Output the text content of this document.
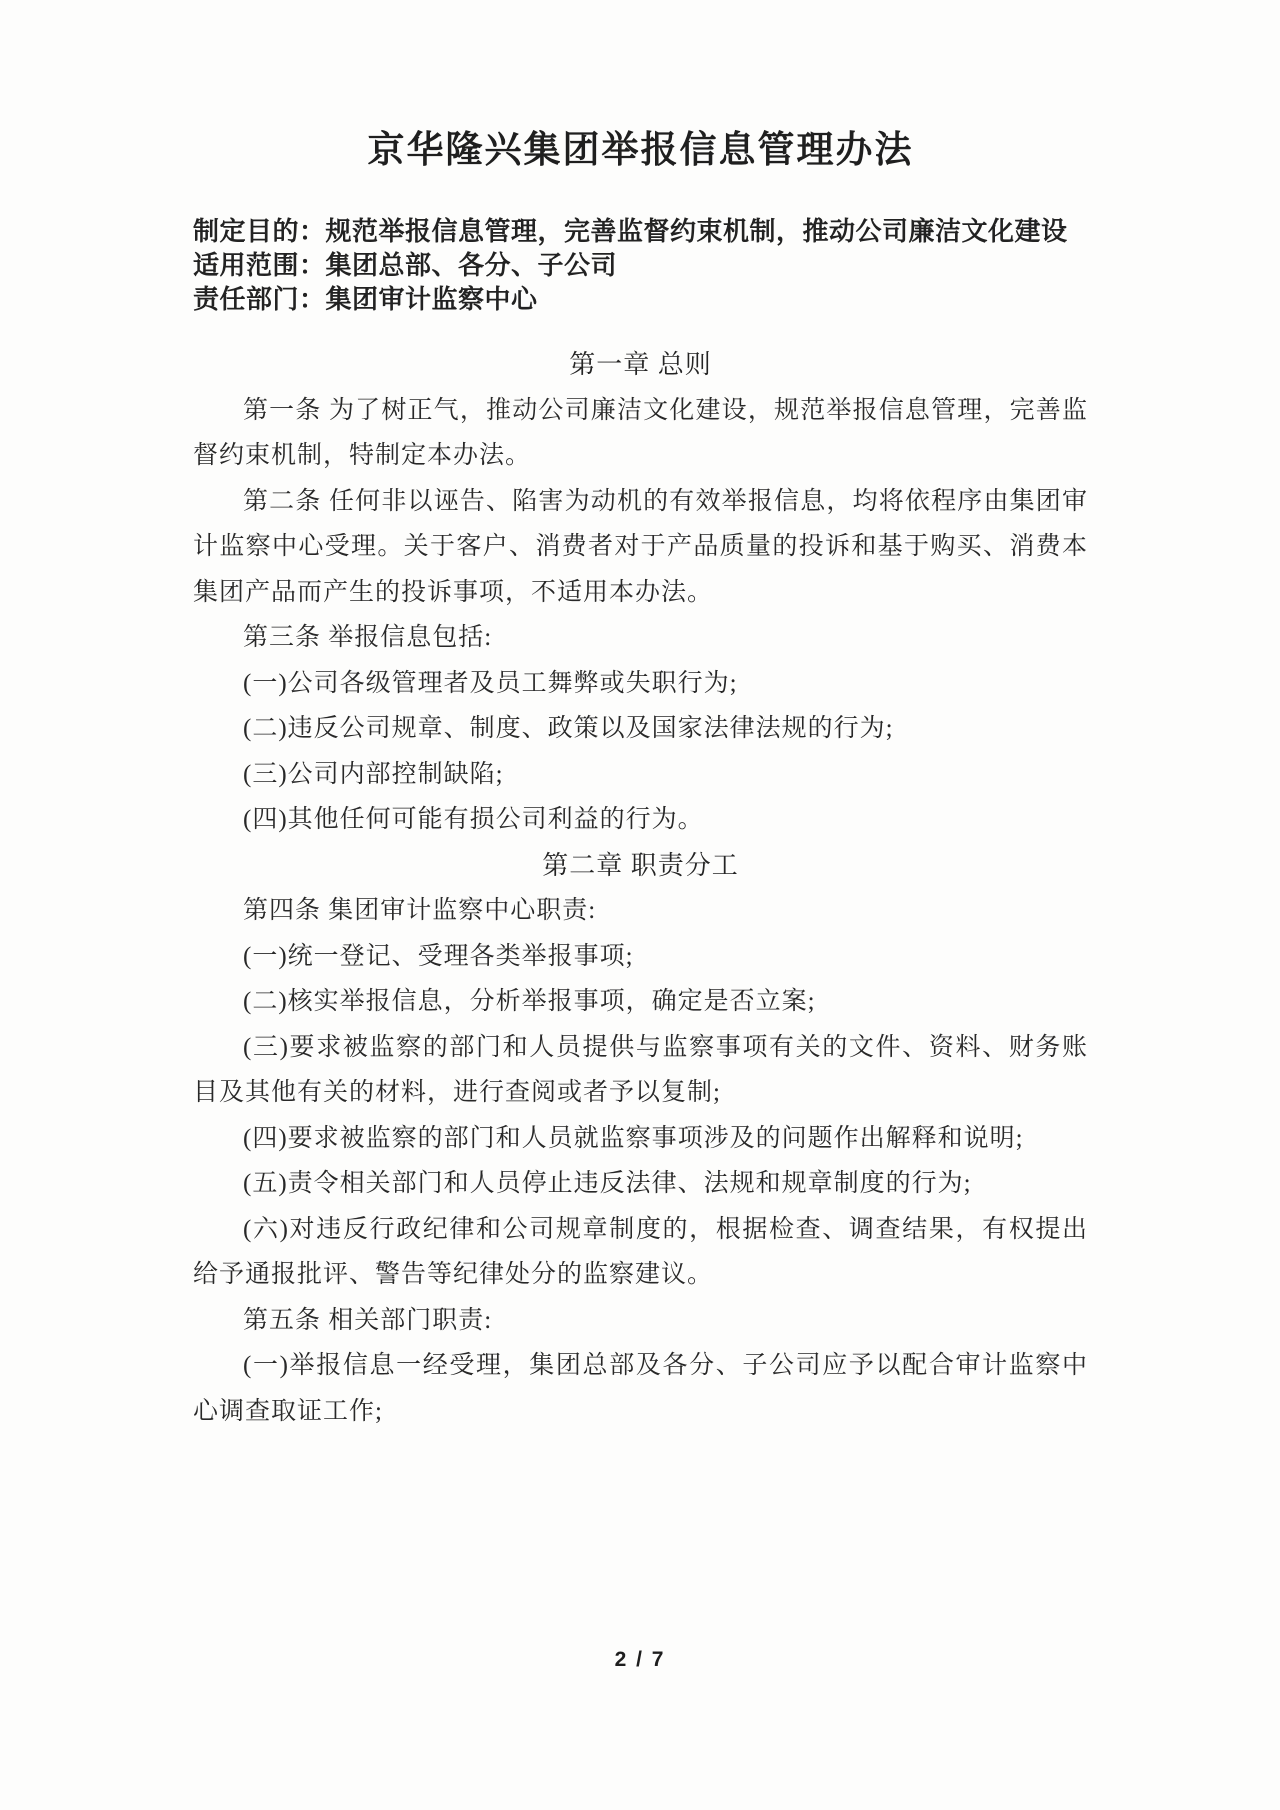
京华隆兴集团举报信息管理办法

制定目的：规范举报信息管理，完善监督约束机制，推动公司廉洁文化建设

适用范围：集团总部、各分、子公司

责任部门：集团审计监察中心

第一章 总则

第一条 为了树正气，推动公司廉洁文化建设，规范举报信息管理，完善监督约束机制，特制定本办法。

第二条 任何非以诬告、陷害为动机的有效举报信息，均将依程序由集团审计监察中心受理。关于客户、消费者对于产品质量的投诉和基于购买、消费本集团产品而产生的投诉事项，不适用本办法。

第三条 举报信息包括:

(一)公司各级管理者及员工舞弊或失职行为;

(二)违反公司规章、制度、政策以及国家法律法规的行为;

(三)公司内部控制缺陷;

(四)其他任何可能有损公司利益的行为。

第二章 职责分工

第四条 集团审计监察中心职责:

(一)统一登记、受理各类举报事项;

(二)核实举报信息，分析举报事项，确定是否立案;

(三)要求被监察的部门和人员提供与监察事项有关的文件、资料、财务账目及其他有关的材料，进行查阅或者予以复制;

(四)要求被监察的部门和人员就监察事项涉及的问题作出解释和说明;

(五)责令相关部门和人员停止违反法律、法规和规章制度的行为;

(六)对违反行政纪律和公司规章制度的，根据检查、调查结果，有权提出给予通报批评、警告等纪律处分的监察建议。

第五条 相关部门职责:

(一)举报信息一经受理，集团总部及各分、子公司应予以配合审计监察中心调查取证工作;

2 / 7
